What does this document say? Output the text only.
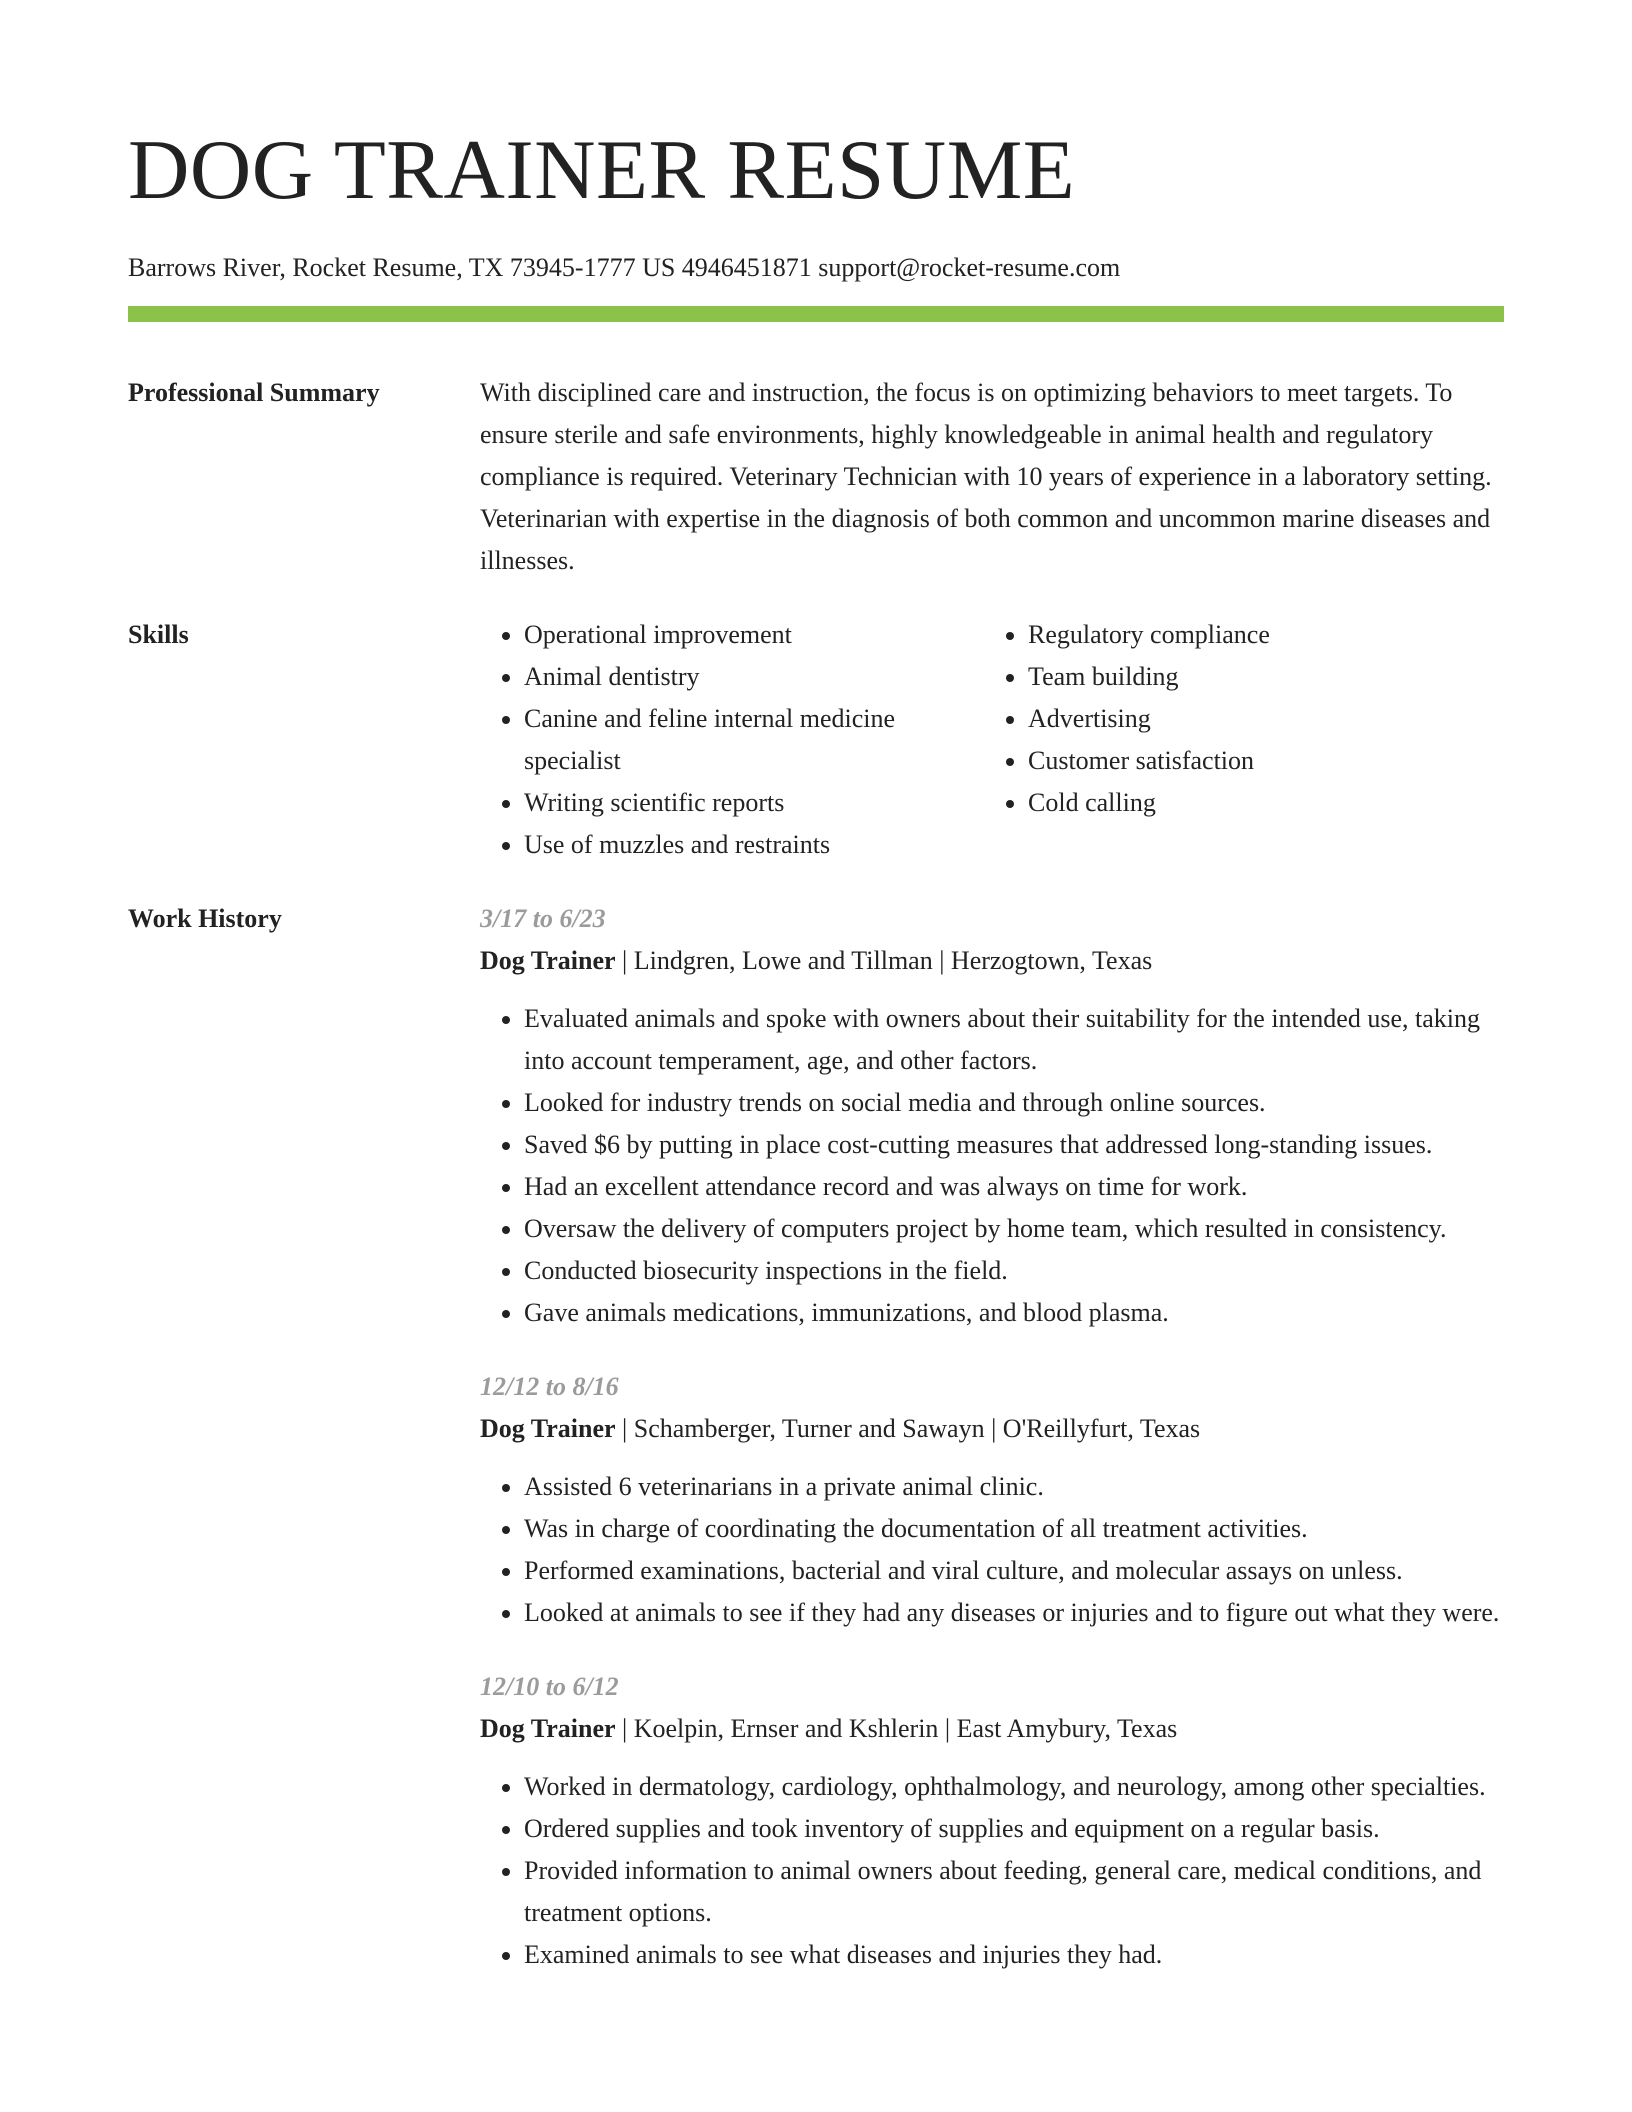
DOG TRAINER RESUME
Barrows River, Rocket Resume, TX 73945-1777 US 4946451871 support@rocket-resume.com
Professional Summary	With disciplined care and instruction, the focus is on optimizing behaviors to meet targets. To ensure sterile and safe environments, highly knowledgeable in animal health and regulatory compliance is required. Veterinary Technician with 10 years of experience in a laboratory setting. Veterinarian with expertise in the diagnosis of both common and uncommon marine diseases and illnesses.

Skills
•	Operational improvement
• Animal dentistry
• Canine and feline internal medicine specialist
• Writing scientific reports
• Use of muzzles and restraints
• Regulatory compliance
• Team building
• Advertising
• Customer satisfaction
• Cold calling
Work History	3/17 to 6/23
Dog Trainer | Lindgren, Lowe and Tillman | Herzogtown, Texas
• Evaluated animals and spoke with owners about their suitability for the intended use, taking into account temperament, age, and other factors.
• Looked for industry trends on social media and through online sources.
• Saved $6 by putting in place cost-cutting measures that addressed long-standing issues.
• Had an excellent attendance record and was always on time for work.
• Oversaw the delivery of computers project by home team, which resulted in consistency.
• Conducted biosecurity inspections in the field.
• Gave animals medications, immunizations, and blood plasma.
12/12 to 8/16
Dog Trainer | Schamberger, Turner and Sawayn | O'Reillyfurt, Texas
• Assisted 6 veterinarians in a private animal clinic.
• Was in charge of coordinating the documentation of all treatment activities.
• Performed examinations, bacterial and viral culture, and molecular assays on unless.
• Looked at animals to see if they had any diseases or injuries and to figure out what they were.
12/10 to 6/12
Dog Trainer | Koelpin, Ernser and Kshlerin | East Amybury, Texas
• Worked in dermatology, cardiology, ophthalmology, and neurology, among other specialties.
• Ordered supplies and took inventory of supplies and equipment on a regular basis.
• Provided information to animal owners about feeding, general care, medical conditions, and treatment options.
• Examined animals to see what diseases and injuries they had.
